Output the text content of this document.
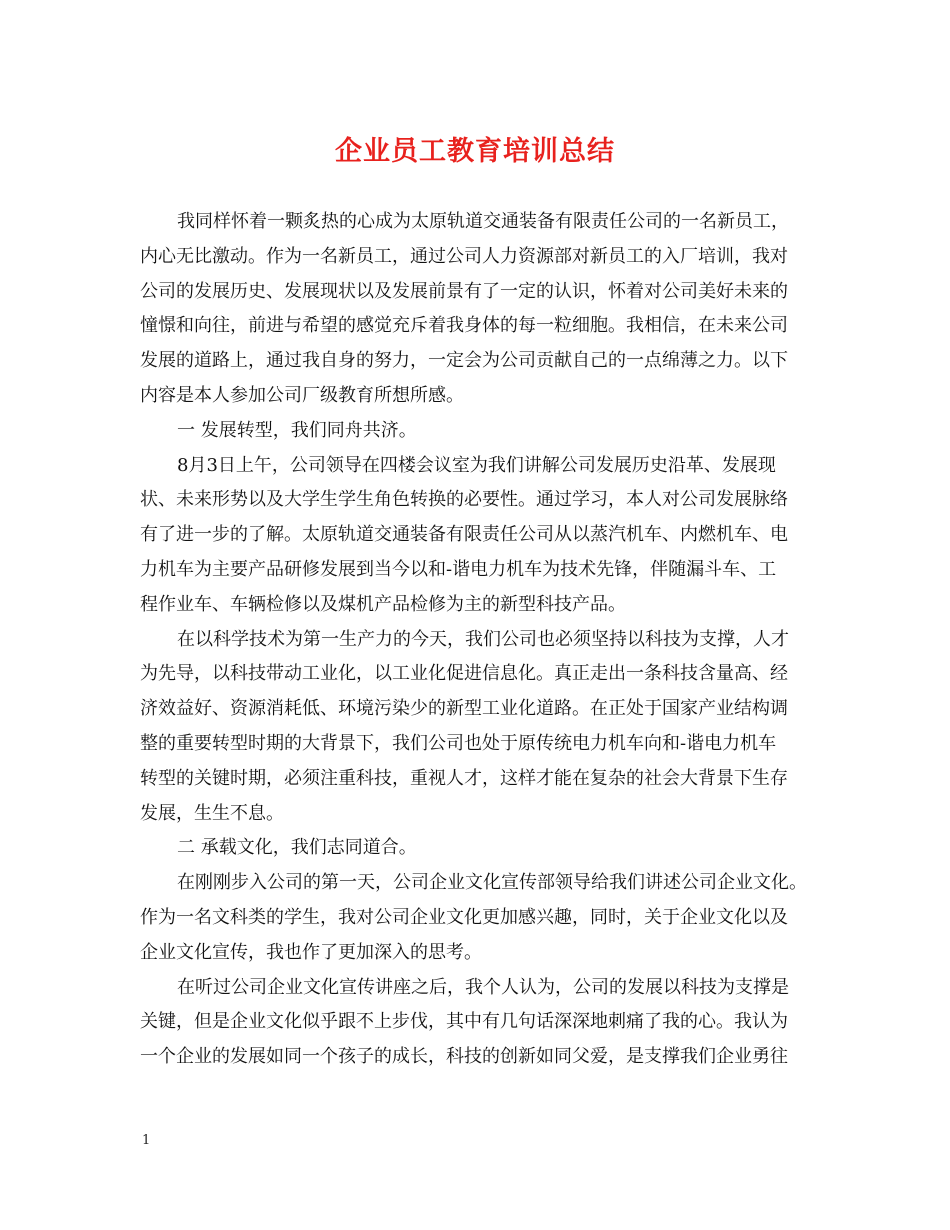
企业员工教育培训总结
我同样怀着一颗炙热的心成为太原轨道交通装备有限责任公司的一名新员工，
内心无比激动。作为一名新员工，通过公司人力资源部对新员工的入厂培训，我对
公司的发展历史、发展现状以及发展前景有了一定的认识，怀着对公司美好未来的
憧憬和向往，前进与希望的感觉充斥着我身体的每一粒细胞。我相信，在未来公司
发展的道路上，通过我自身的努力，一定会为公司贡献自己的一点绵薄之力。以下
内容是本人参加公司厂级教育所想所感。
一 发展转型，我们同舟共济。
8月3日上午，公司领导在四楼会议室为我们讲解公司发展历史沿革、发展现
状、未来形势以及大学生学生角色转换的必要性。通过学习，本人对公司发展脉络
有了进一步的了解。太原轨道交通装备有限责任公司从以蒸汽机车、内燃机车、电
力机车为主要产品研修发展到当今以和-谐电力机车为技术先锋，伴随漏斗车、工
程作业车、车辆检修以及煤机产品检修为主的新型科技产品。
在以科学技术为第一生产力的今天，我们公司也必须坚持以科技为支撑，人才
为先导，以科技带动工业化，以工业化促进信息化。真正走出一条科技含量高、经
济效益好、资源消耗低、环境污染少的新型工业化道路。在正处于国家产业结构调
整的重要转型时期的大背景下，我们公司也处于原传统电力机车向和-谐电力机车
转型的关键时期，必须注重科技，重视人才，这样才能在复杂的社会大背景下生存
发展，生生不息。
二 承载文化，我们志同道合。
在刚刚步入公司的第一天，公司企业文化宣传部领导给我们讲述公司企业文化。
作为一名文科类的学生，我对公司企业文化更加感兴趣，同时，关于企业文化以及
企业文化宣传，我也作了更加深入的思考。
在听过公司企业文化宣传讲座之后，我个人认为，公司的发展以科技为支撑是
关键，但是企业文化似乎跟不上步伐，其中有几句话深深地刺痛了我的心。我认为
一个企业的发展如同一个孩子的成长，科技的创新如同父爱，是支撑我们企业勇往
1
